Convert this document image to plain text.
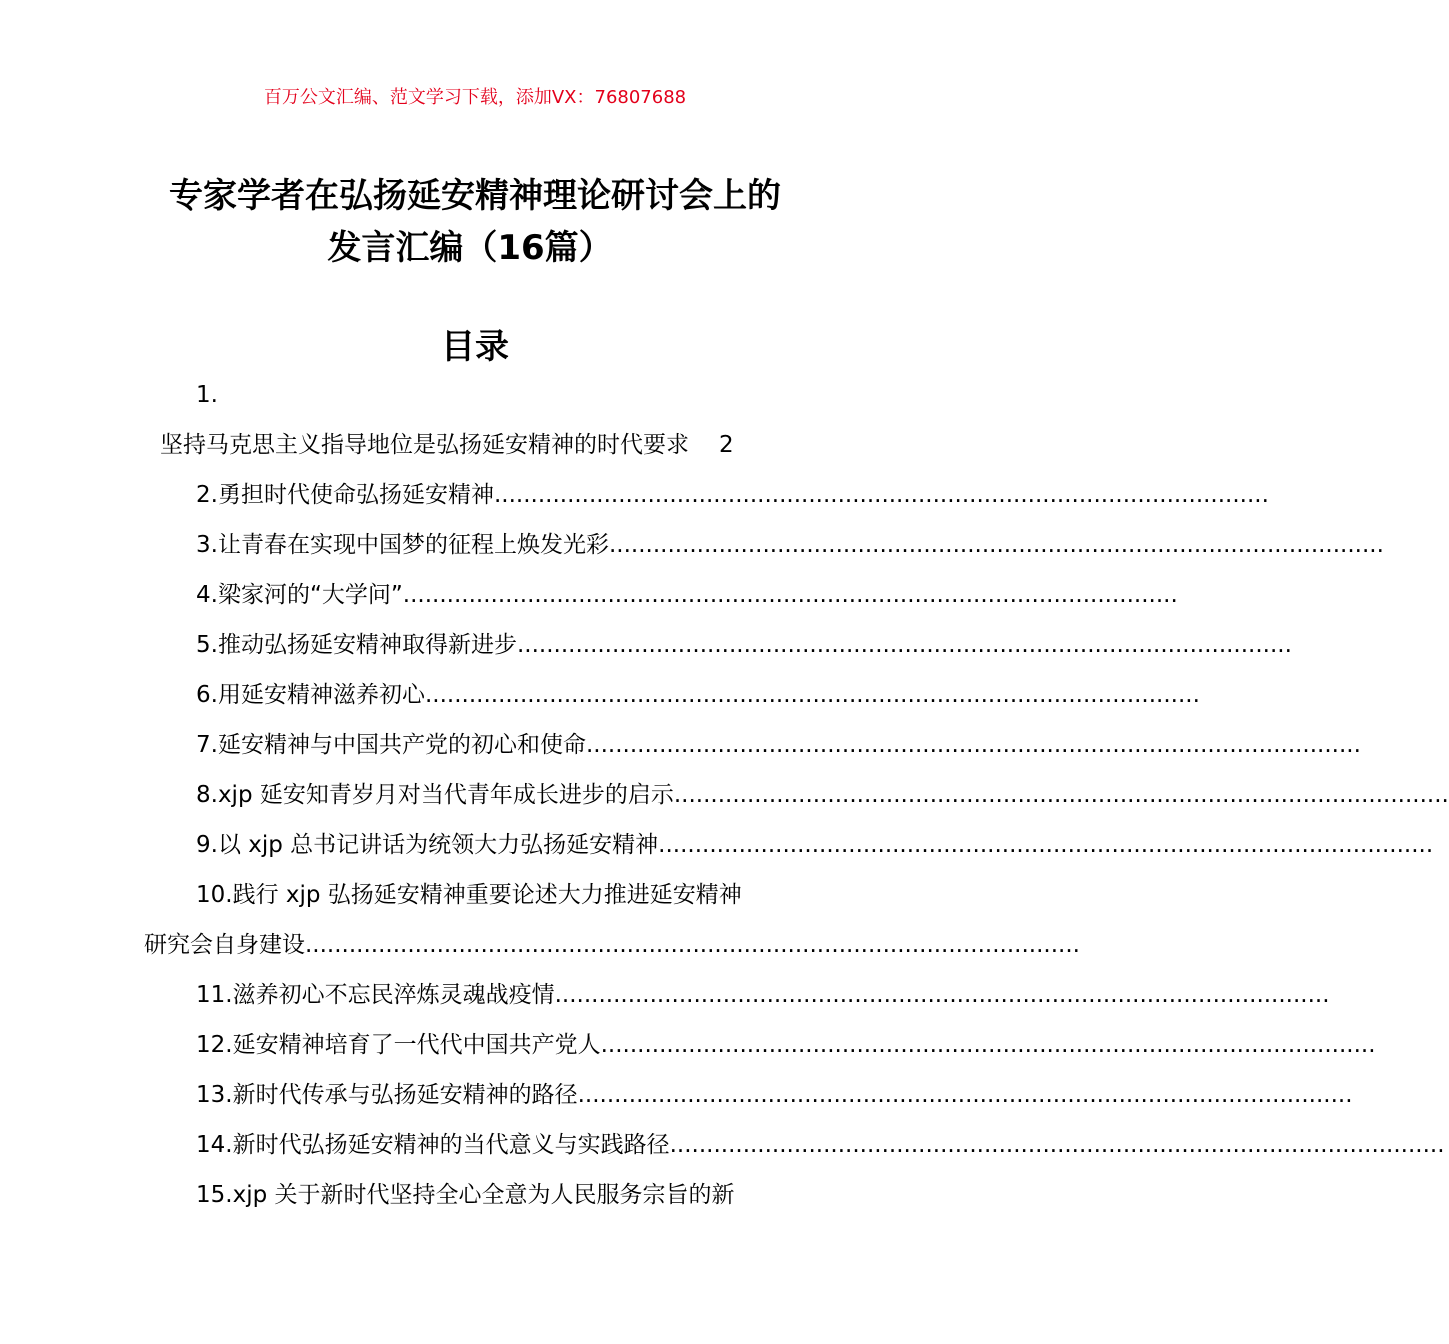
百万公文汇编、范文学习下载，添加VX：76807688
专家学者在弘扬延安精神理论研讨会上的
发言汇编（16篇）
目录
1.
坚持马克思主义指导地位是弘扬延安精神的时代要求 2
2.勇担时代使命弘扬延安精神..........................................................................................................
3.让青春在实现中国梦的征程上焕发光彩..........................................................................................................
4.梁家河的“大学问”..........................................................................................................
5.推动弘扬延安精神取得新进步..........................................................................................................
6.用延安精神滋养初心..........................................................................................................
7.延安精神与中国共产党的初心和使命..........................................................................................................
8.xjp 延安知青岁月对当代青年成长进步的启示..........................................................................................................
9.以 xjp 总书记讲话为统领大力弘扬延安精神..........................................................................................................
10.践行 xjp 弘扬延安精神重要论述大力推进延安精神
研究会自身建设..........................................................................................................
11.滋养初心不忘民淬炼灵魂战疫情..........................................................................................................
12.延安精神培育了一代代中国共产党人..........................................................................................................
13.新时代传承与弘扬延安精神的路径..........................................................................................................
14.新时代弘扬延安精神的当代意义与实践路径..........................................................................................................
15.xjp 关于新时代坚持全心全意为人民服务宗旨的新
